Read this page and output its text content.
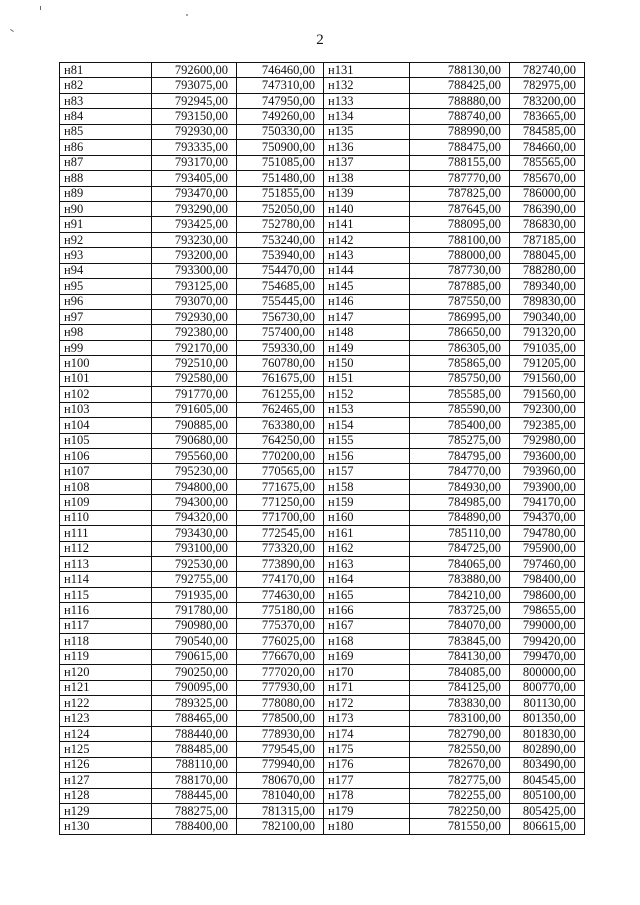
2
н81	792600,00	746460,00	н131	788130,00	782740,00
н82	793075,00	747310,00	н132	788425,00	782975,00
н83	792945,00	747950,00	н133	788880,00	783200,00
н84	793150,00	749260,00	н134	788740,00	783665,00
н85	792930,00	750330,00	н135	788990,00	784585,00
н86	793335,00	750900,00	н136	788475,00	784660,00
н87	793170,00	751085,00	н137	788155,00	785565,00
н88	793405,00	751480,00	н138	787770,00	785670,00
н89	793470,00	751855,00	н139	787825,00	786000,00
н90	793290,00	752050,00	н140	787645,00	786390,00
н91	793425,00	752780,00	н141	788095,00	786830,00
н92	793230,00	753240,00	н142	788100,00	787185,00
н93	793200,00	753940,00	н143	788000,00	788045,00
н94	793300,00	754470,00	н144	787730,00	788280,00
н95	793125,00	754685,00	н145	787885,00	789340,00
н96	793070,00	755445,00	н146	787550,00	789830,00
н97	792930,00	756730,00	н147	786995,00	790340,00
н98	792380,00	757400,00	н148	786650,00	791320,00
н99	792170,00	759330,00	н149	786305,00	791035,00
н100	792510,00	760780,00	н150	785865,00	791205,00
н101	792580,00	761675,00	н151	785750,00	791560,00
н102	791770,00	761255,00	н152	785585,00	791560,00
н103	791605,00	762465,00	н153	785590,00	792300,00
н104	790885,00	763380,00	н154	785400,00	792385,00
н105	790680,00	764250,00	н155	785275,00	792980,00
н106	795560,00	770200,00	н156	784795,00	793600,00
н107	795230,00	770565,00	н157	784770,00	793960,00
н108	794800,00	771675,00	н158	784930,00	793900,00
н109	794300,00	771250,00	н159	784985,00	794170,00
н110	794320,00	771700,00	н160	784890,00	794370,00
н111	793430,00	772545,00	н161	785110,00	794780,00
н112	793100,00	773320,00	н162	784725,00	795900,00
н113	792530,00	773890,00	н163	784065,00	797460,00
н114	792755,00	774170,00	н164	783880,00	798400,00
н115	791935,00	774630,00	н165	784210,00	798600,00
н116	791780,00	775180,00	н166	783725,00	798655,00
н117	790980,00	775370,00	н167	784070,00	799000,00
н118	790540,00	776025,00	н168	783845,00	799420,00
н119	790615,00	776670,00	н169	784130,00	799470,00
н120	790250,00	777020,00	н170	784085,00	800000,00
н121	790095,00	777930,00	н171	784125,00	800770,00
н122	789325,00	778080,00	н172	783830,00	801130,00
н123	788465,00	778500,00	н173	783100,00	801350,00
н124	788440,00	778930,00	н174	782790,00	801830,00
н125	788485,00	779545,00	н175	782550,00	802890,00
н126	788110,00	779940,00	н176	782670,00	803490,00
н127	788170,00	780670,00	н177	782775,00	804545,00
н128	788445,00	781040,00	н178	782255,00	805100,00
н129	788275,00	781315,00	н179	782250,00	805425,00
н130	788400,00	782100,00	н180	781550,00	806615,00
